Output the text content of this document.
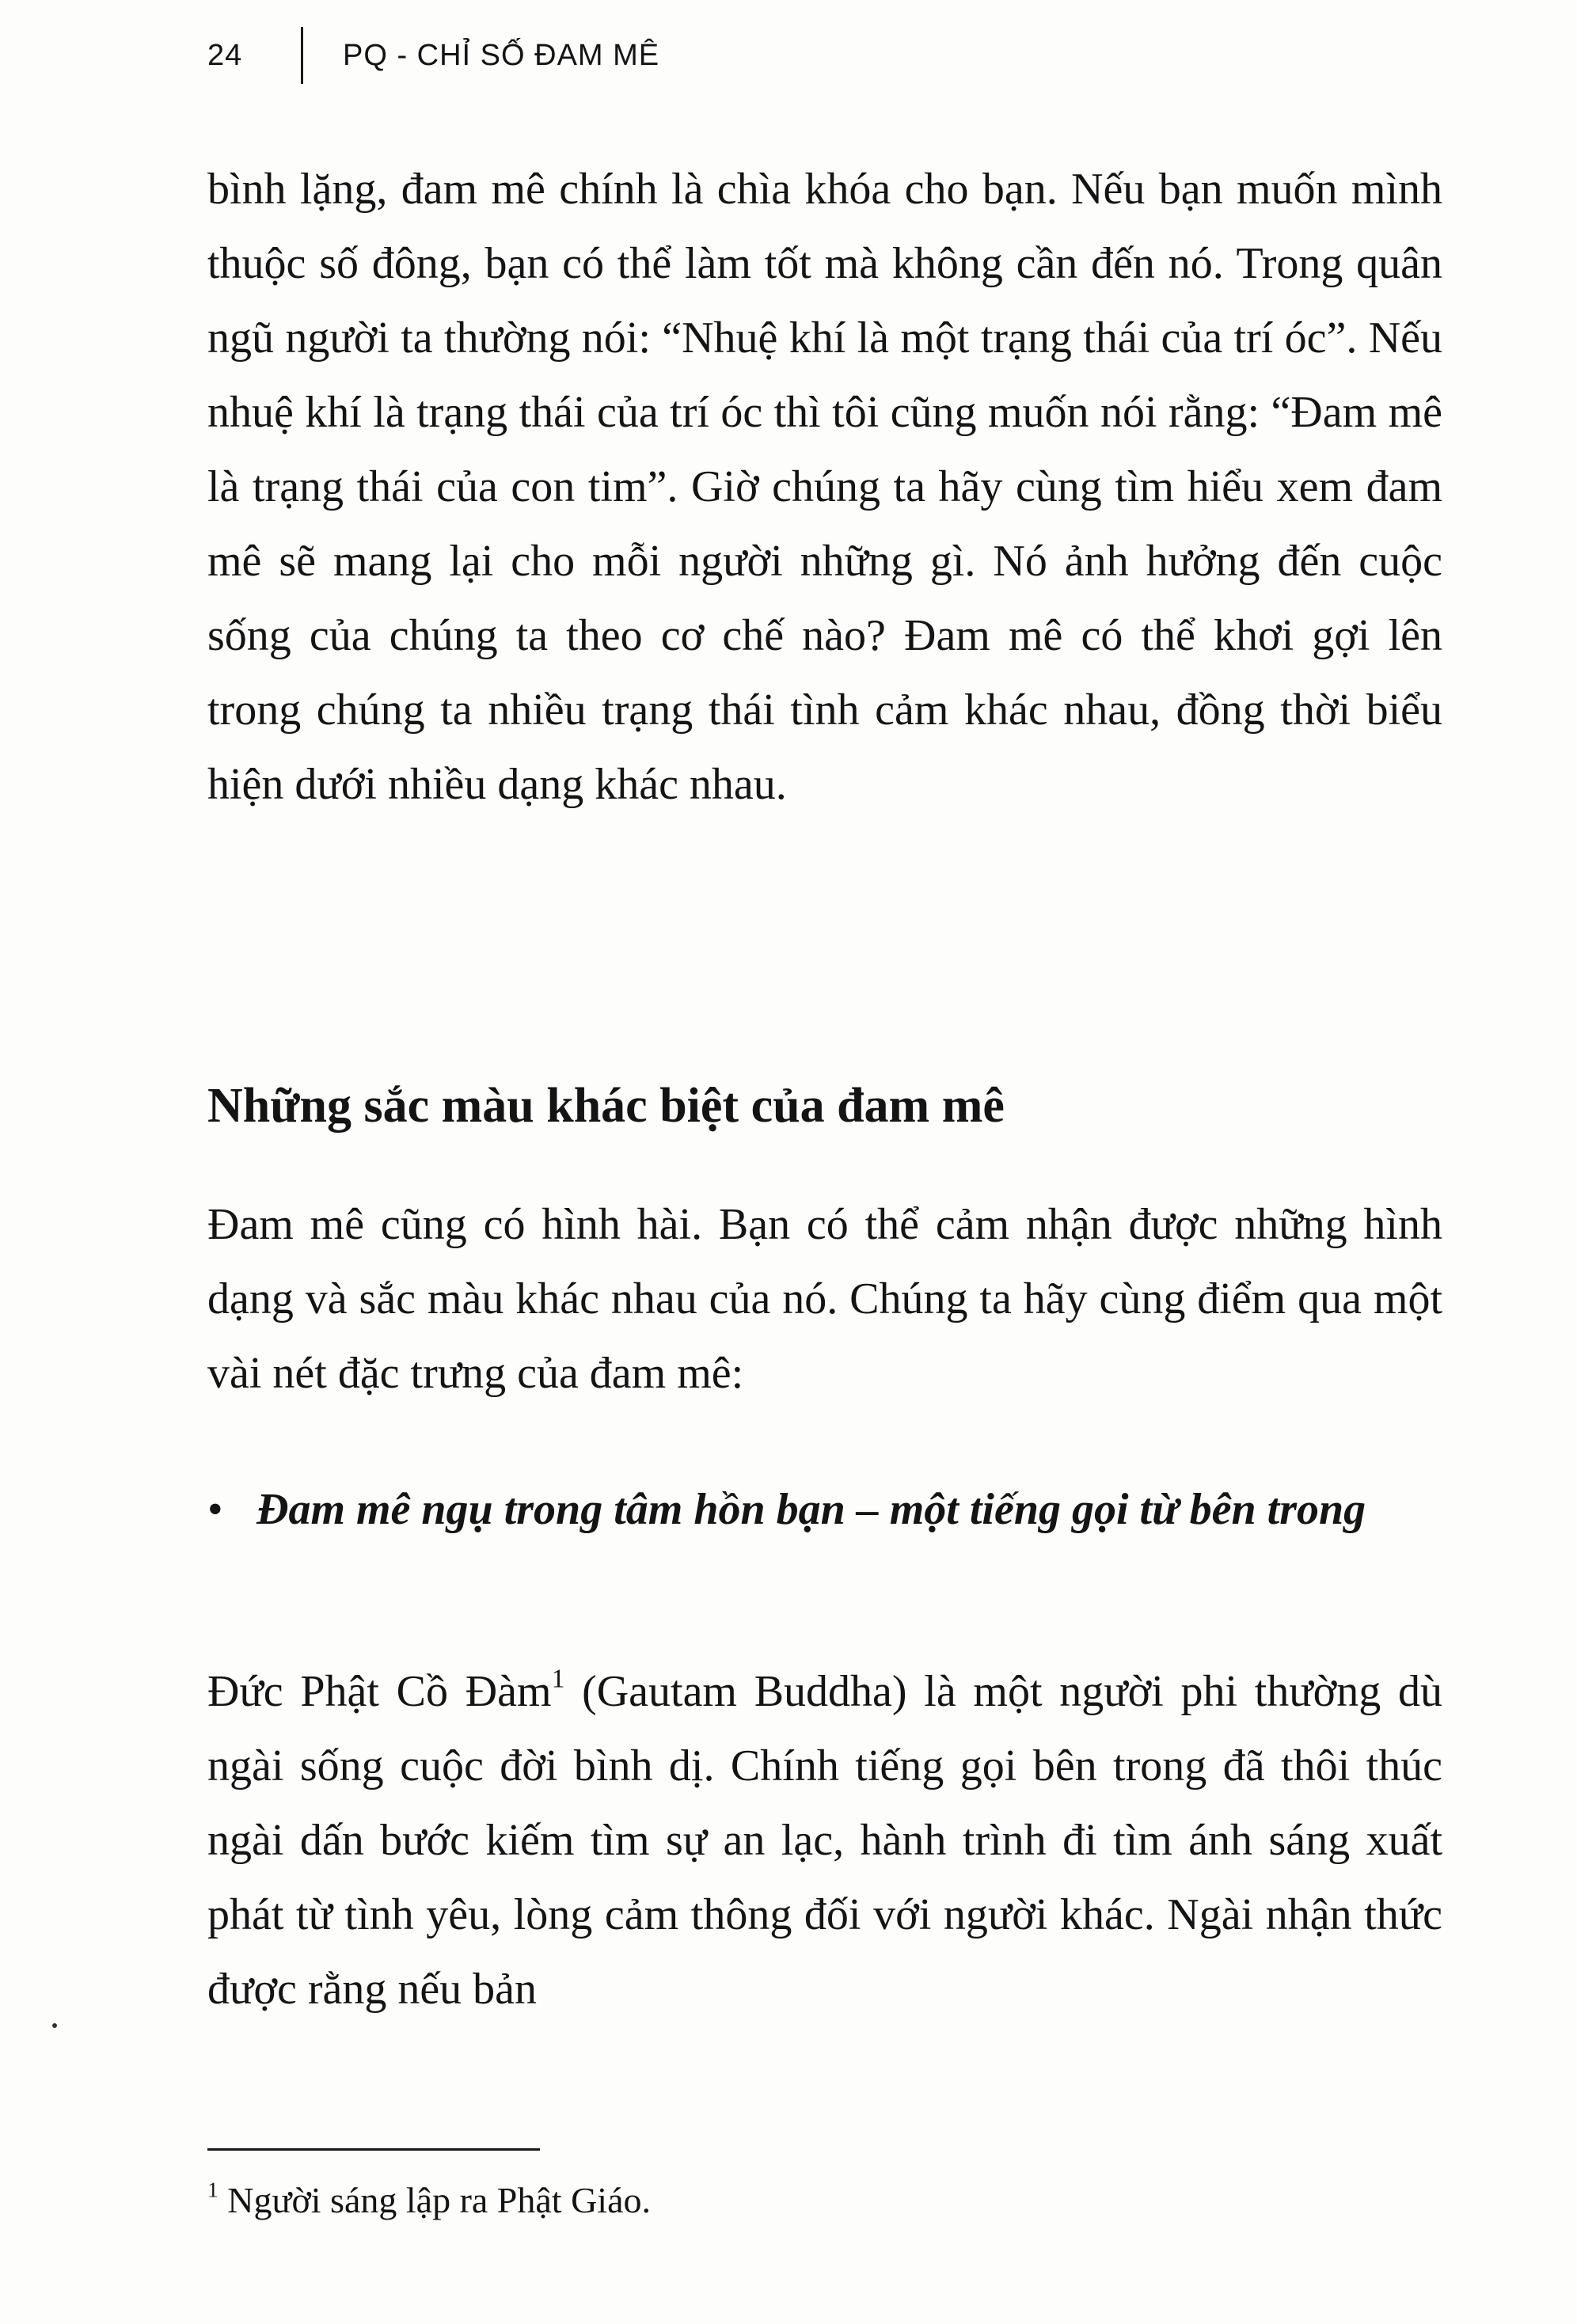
24	PQ - CHỈ SỐ ĐAM MÊ

bình lặng, đam mê chính là chìa khóa cho bạn. Nếu bạn muốn mình thuộc số đông, bạn có thể làm tốt mà không cần đến nó. Trong quân ngũ người ta thường nói: “Nhuệ khí là một trạng thái của trí óc”. Nếu nhuệ khí là trạng thái của trí óc thì tôi cũng muốn nói rằng: “Đam mê là trạng thái của con tim”. Giờ chúng ta hãy cùng tìm hiểu xem đam mê sẽ mang lại cho mỗi người những gì. Nó ảnh hưởng đến cuộc sống của chúng ta theo cơ chế nào? Đam mê có thể khơi gợi lên trong chúng ta nhiều trạng thái tình cảm khác nhau, đồng thời biểu hiện dưới nhiều dạng khác nhau.

Những sắc màu khác biệt của đam mê

Đam mê cũng có hình hài. Bạn có thể cảm nhận được những hình dạng và sắc màu khác nhau của nó. Chúng ta hãy cùng điểm qua một vài nét đặc trưng của đam mê:

• Đam mê ngụ trong tâm hồn bạn – một tiếng gọi từ bên trong

Đức Phật Cồ Đàm$^1$ (Gautam Buddha) là một người phi thường dù ngài sống cuộc đời bình dị. Chính tiếng gọi bên trong đã thôi thúc ngài dấn bước kiếm tìm sự an lạc, hành trình đi tìm ánh sáng xuất phát từ tình yêu, lòng cảm thông đối với người khác. Ngài nhận thức được rằng nếu bản

$^1$ Người sáng lập ra Phật Giáo.
